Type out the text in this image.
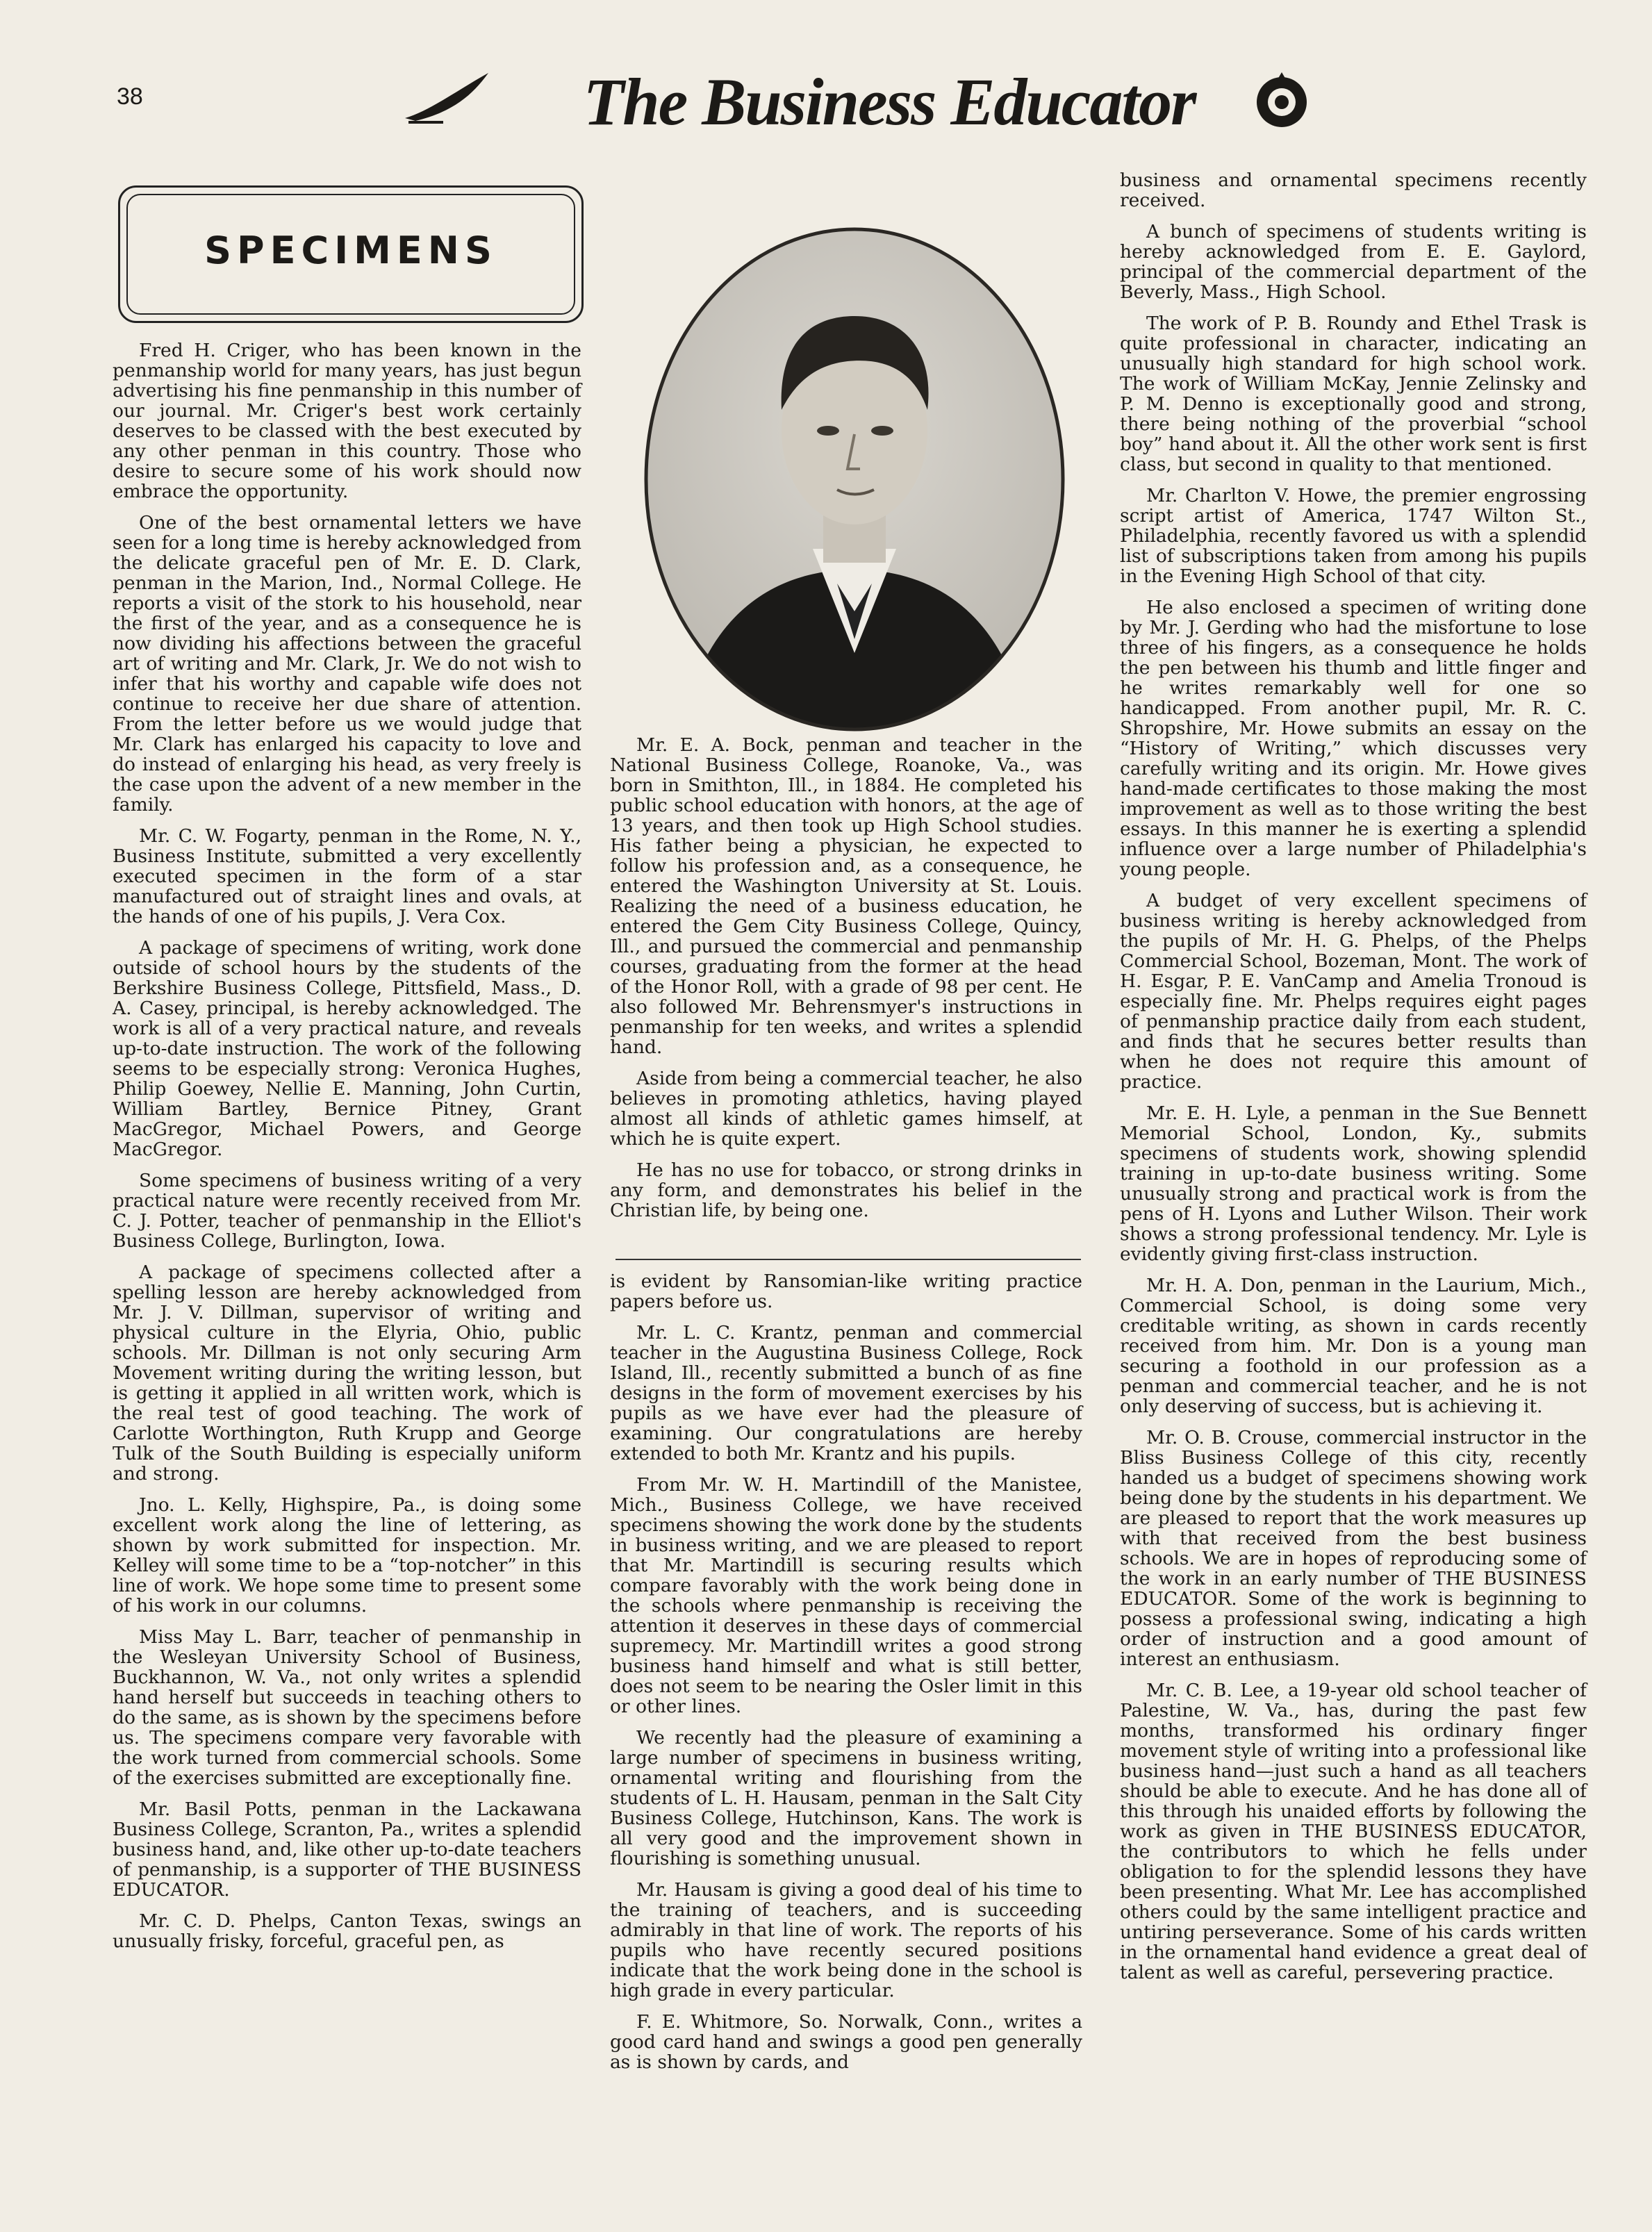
38	The Business Educator
SPECIMENS

Fred H. Criger, who has been known in the penmanship world for many years, has just begun advertising his fine penmanship in this number of our journal. Mr. Criger's best work certainly deserves to be classed with the best executed by any other penman in this country. Those who desire to secure some of his work should now embrace the opportunity.

One of the best ornamental letters we have seen for a long time is hereby acknowledged from the delicate graceful pen of Mr. E. D. Clark, penman in the Marion, Ind., Normal College. He reports a visit of the stork to his household, near the first of the year, and as a consequence he is now dividing his affections between the graceful art of writing and Mr. Clark, Jr. We do not wish to infer that his worthy and capable wife does not continue to receive her due share of attention. From the letter before us we would judge that Mr. Clark has enlarged his capacity to love and do instead of enlarging his head, as very freely is the case upon the advent of a new member in the family.

Mr. C. W. Fogarty, penman in the Rome, N. Y., Business Institute, submitted a very excellently executed specimen in the form of a star manufactured out of straight lines and ovals, at the hands of one of his pupils, J. Vera Cox.

A package of specimens of writing, work done outside of school hours by the students of the Berkshire Business College, Pittsfield, Mass., D. A. Casey, principal, is hereby acknowledged. The work is all of a very practical nature, and reveals up-to-date instruction. The work of the following seems to be especially strong: Veronica Hughes, Philip Goewey, Nellie E. Manning, John Curtin, William Bartley, Bernice Pitney, Grant MacGregor, Michael Powers, and George MacGregor.

Some specimens of business writing of a very practical nature were recently received from Mr. C. J. Potter, teacher of penmanship in the Elliot's Business College, Burlington, Iowa.

A package of specimens collected after a spelling lesson are hereby acknowledged from Mr. J. V. Dillman, supervisor of writing and physical culture in the Elyria, Ohio, public schools. Mr. Dillman is not only securing Arm Movement writing during the writing lesson, but is getting it applied in all written work, which is the real test of good teaching. The work of Carlotte Worthington, Ruth Krupp and George Tulk of the South Building is especially uniform and strong.

Jno. L. Kelly, Highspire, Pa., is doing some excellent work along the line of lettering, as shown by work submitted for inspection. Mr. Kelley will some time to be a “top-notcher” in this line of work. We hope some time to present some of his work in our columns.

Miss May L. Barr, teacher of penmanship in the Wesleyan University School of Business, Buckhannon, W. Va., not only writes a splendid hand herself but succeeds in teaching others to do the same, as is shown by the specimens before us. The specimens compare very favorable with the work turned from commercial schools. Some of the exercises submitted are exceptionally fine.

Mr. Basil Potts, penman in the Lackawana Business College, Scranton, Pa., writes a splendid business hand, and, like other up-to-date teachers of penmanship, is a supporter of THE BUSINESS EDUCATOR.

Mr. C. D. Phelps, Canton Texas, swings an unusually frisky, forceful, graceful pen, as

Mr. E. A. Bock, penman and teacher in the National Business College, Roanoke, Va., was born in Smithton, Ill., in 1884. He completed his public school education with honors, at the age of 13 years, and then took up High School studies. His father being a physician, he expected to follow his profession and, as a consequence, he entered the Washington University at St. Louis. Realizing the need of a business education, he entered the Gem City Business College, Quincy, Ill., and pursued the commercial and penmanship courses, graduating from the former at the head of the Honor Roll, with a grade of 98 per cent. He also followed Mr. Behrensmyer's instructions in penmanship for ten weeks, and writes a splendid hand.

Aside from being a commercial teacher, he also believes in promoting athletics, having played almost all kinds of athletic games himself, at which he is quite expert.

He has no use for tobacco, or strong drinks in any form, and demonstrates his belief in the Christian life, by being one.

is evident by Ransomian-like writing practice papers before us.

Mr. L. C. Krantz, penman and commercial teacher in the Augustina Business College, Rock Island, Ill., recently submitted a bunch of as fine designs in the form of movement exercises by his pupils as we have ever had the pleasure of examining. Our congratulations are hereby extended to both Mr. Krantz and his pupils.

From Mr. W. H. Martindill of the Manistee, Mich., Business College, we have received specimens showing the work done by the students in business writing, and we are pleased to report that Mr. Martindill is securing results which compare favorably with the work being done in the schools where penmanship is receiving the attention it deserves in these days of commercial supremecy. Mr. Martindill writes a good strong business hand himself and what is still better, does not seem to be nearing the Osler limit in this or other lines.

We recently had the pleasure of examining a large number of specimens in business writing, ornamental writing and flourishing from the students of L. H. Hausam, penman in the Salt City Business College, Hutchinson, Kans. The work is all very good and the improvement shown in flourishing is something unusual.

Mr. Hausam is giving a good deal of his time to the training of teachers, and is succeeding admirably in that line of work. The reports of his pupils who have recently secured positions indicate that the work being done in the school is high grade in every particular.

F. E. Whitmore, So. Norwalk, Conn., writes a good card hand and swings a good pen generally as is shown by cards, and

business and ornamental specimens recently received.

A bunch of specimens of students writing is hereby acknowledged from E. E. Gaylord, principal of the commercial department of the Beverly, Mass., High School.

The work of P. B. Roundy and Ethel Trask is quite professional in character, indicating an unusually high standard for high school work. The work of William McKay, Jennie Zelinsky and P. M. Denno is exceptionally good and strong, there being nothing of the proverbial “school boy” hand about it. All the other work sent is first class, but second in quality to that mentioned.

Mr. Charlton V. Howe, the premier engrossing script artist of America, 1747 Wilton St., Philadelphia, recently favored us with a splendid list of subscriptions taken from among his pupils in the Evening High School of that city.

He also enclosed a specimen of writing done by Mr. J. Gerding who had the misfortune to lose three of his fingers, as a consequence he holds the pen between his thumb and little finger and he writes remarkably well for one so handicapped. From another pupil, Mr. R. C. Shropshire, Mr. Howe submits an essay on the “History of Writing,” which discusses very carefully writing and its origin. Mr. Howe gives hand-made certificates to those making the most improvement as well as to those writing the best essays. In this manner he is exerting a splendid influence over a large number of Philadelphia's young people.

A budget of very excellent specimens of business writing is hereby acknowledged from the pupils of Mr. H. G. Phelps, of the Phelps Commercial School, Bozeman, Mont. The work of H. Esgar, P. E. VanCamp and Amelia Tronoud is especially fine. Mr. Phelps requires eight pages of penmanship practice daily from each student, and finds that he secures better results than when he does not require this amount of practice.

Mr. E. H. Lyle, a penman in the Sue Bennett Memorial School, London, Ky., submits specimens of students work, showing splendid training in up-to-date business writing. Some unusually strong and practical work is from the pens of H. Lyons and Luther Wilson. Their work shows a strong professional tendency. Mr. Lyle is evidently giving first-class instruction.

Mr. H. A. Don, penman in the Laurium, Mich., Commercial School, is doing some very creditable writing, as shown in cards recently received from him. Mr. Don is a young man securing a foothold in our profession as a penman and commercial teacher, and he is not only deserving of success, but is achieving it.

Mr. O. B. Crouse, commercial instructor in the Bliss Business College of this city, recently handed us a budget of specimens showing work being done by the students in his department. We are pleased to report that the work measures up with that received from the best business schools. We are in hopes of reproducing some of the work in an early number of THE BUSINESS EDUCATOR. Some of the work is beginning to possess a professional swing, indicating a high order of instruction and a good amount of interest an enthusiasm.

Mr. C. B. Lee, a 19-year old school teacher of Palestine, W. Va., has, during the past few months, transformed his ordinary finger movement style of writing into a professional like business hand—just such a hand as all teachers should be able to execute. And he has done all of this through his unaided efforts by following the work as given in THE BUSINESS EDUCATOR, the contributors to which he fells under obligation to for the splendid lessons they have been presenting. What Mr. Lee has accomplished others could by the same intelligent practice and untiring perseverance. Some of his cards written in the ornamental hand evidence a great deal of talent as well as careful, persevering practice.
